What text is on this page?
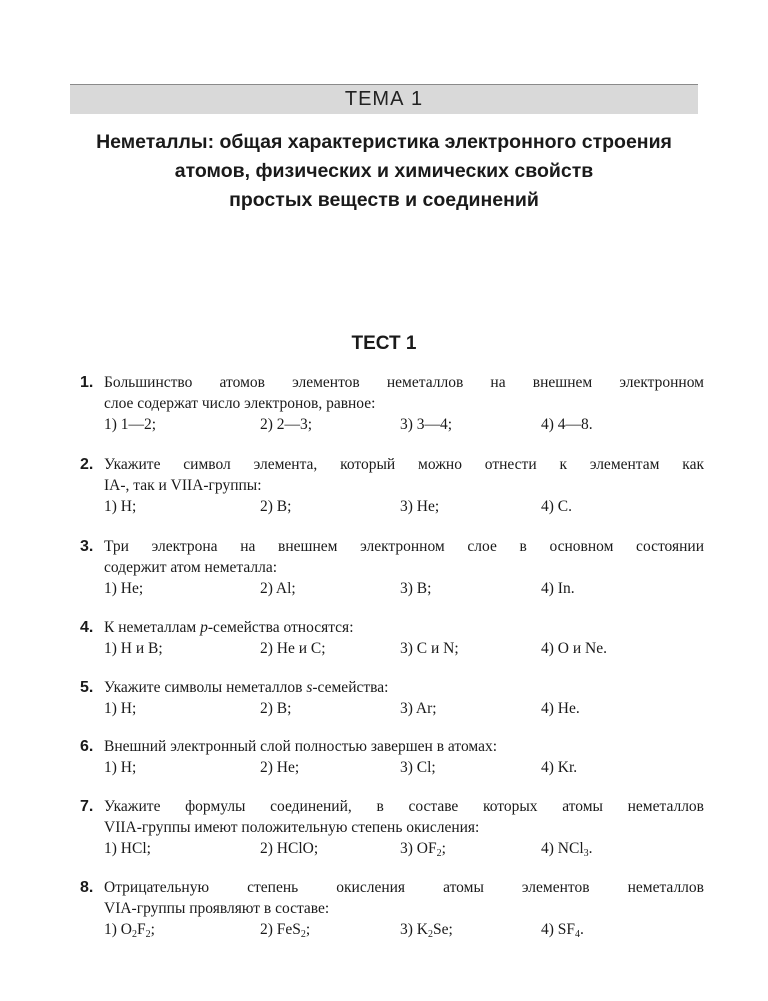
ТЕМА 1
Неметаллы: общая характеристика электронного строения
атомов, физических и химических свойств
простых веществ и соединений
ТЕСТ 1
1. Большинство атомов элементов неметаллов на внешнем электронном
слое содержат число электронов, равное:
1) 1—2;	2) 2—3;	3) 3—4;	4) 4—8.
2. Укажите символ элемента, который можно отнести к элементам как
IA-, так и VIIA-группы:
1) H;	2) B;	3) He;	4) C.
3. Три электрона на внешнем электронном слое в основном состоянии
содержит атом неметалла:
1) He;	2) Al;	3) B;	4) In.
4. К неметаллам p-семейства относятся:
1) H и B;	2) He и C;	3) C и N;	4) O и Ne.
5. Укажите символы неметаллов s-семейства:
1) H;	2) B;	3) Ar;	4) He.
6. Внешний электронный слой полностью завершен в атомах:
1) H;	2) He;	3) Cl;	4) Kr.
7. Укажите формулы соединений, в составе которых атомы неметаллов
VIIA-группы имеют положительную степень окисления:
1) HCl;	2) HClO;	3) $OF_2$;	4) NCl$_3$.
8. Отрицательную степень окисления атомы элементов неметаллов
VIA-группы проявляют в составе:
1) $O_2F_2$;	2) FeS$_2$;	3) $K_2Se$;	4) $SF_4$.
